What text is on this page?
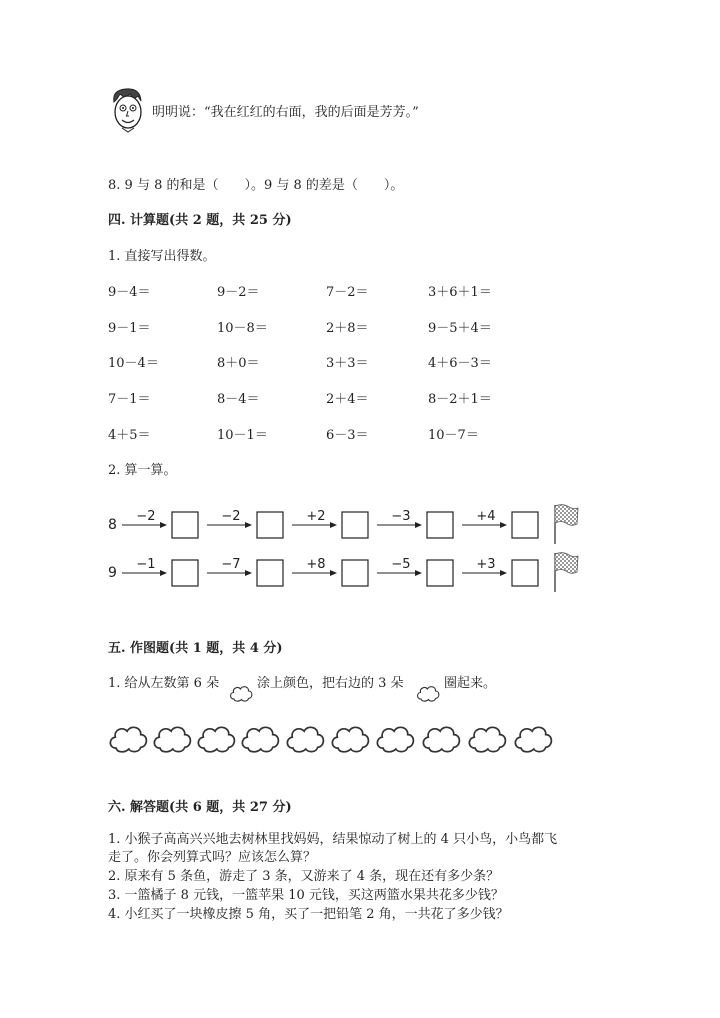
明明说：“我在红红的右面，我的后面是芳芳。”
8. 9 与 8 的和是（　　）。9 与 8 的差是（　　）。
四. 计算题(共 2 题，共 25 分)
1. 直接写出得数。
9－4＝	9－2＝	7－2＝	3＋6＋1＝
9－1＝	10－8＝	2＋8＝	9－5＋4＝
10－4＝	8＋0＝	3＋3＝	4＋6－3＝
7－1＝	8－4＝	2＋4＝	8－2＋1＝
4＋5＝	10－1＝	6－3＝	10－7＝
2. 算一算。
8
−2	−2	+2	−3	+4
9
−1	−7	+8	−5	+3
五. 作图题(共 1 题，共 4 分)
1. 给从左数第 6 朵	涂上颜色，把右边的 3 朵	圈起来。
六. 解答题(共 6 题，共 27 分)
1. 小猴子高高兴兴地去树林里找妈妈，结果惊动了树上的 4 只小鸟，小鸟都飞
走了。你会列算式吗？应该怎么算？
2. 原来有 5 条鱼，游走了 3 条，又游来了 4 条，现在还有多少条？
3. 一篮橘子 8 元钱，一篮苹果 10 元钱，买这两篮水果共花多少钱？
4. 小红买了一块橡皮擦 5 角，买了一把铅笔 2 角，一共花了多少钱？
